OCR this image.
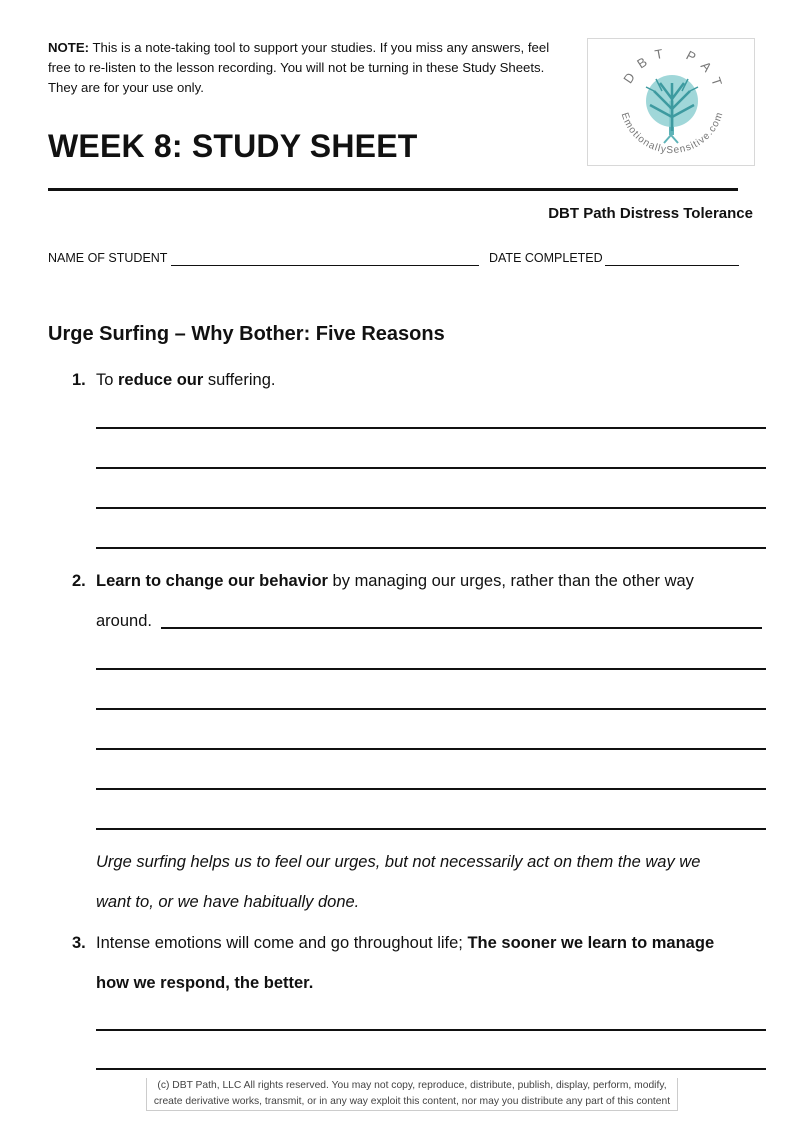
NOTE: This is a note-taking tool to support your studies. If you miss any answers, feel free to re-listen to the lesson recording. You will not be turning in these Study Sheets. They are for your use only.
DBT PAT
EmotionallySensitive.com
WEEK 8: STUDY SHEET
DBT Path Distress Tolerance
NAME OF STUDENT	DATE COMPLETED
Urge Surfing – Why Bother: Five Reasons
1. To reduce our suffering.
2. Learn to change our behavior by managing our urges, rather than the other way
around.
Urge surfing helps us to feel our urges, but not necessarily act on them the way we
want to, or we have habitually done.
3. Intense emotions will come and go throughout life; The sooner we learn to manage
how we respond, the better.
(c) DBT Path, LLC All rights reserved. You may not copy, reproduce, distribute, publish, display, perform, modify,
create derivative works, transmit, or in any way exploit this content, nor may you distribute any part of this content
